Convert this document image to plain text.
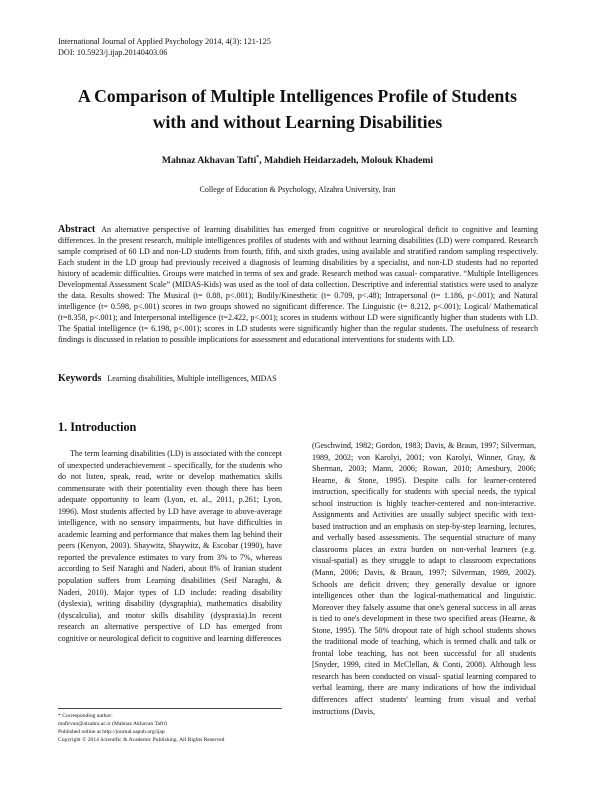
International Journal of Applied Psychology 2014, 4(3): 121-125
DOI: 10.5923/j.ijap.20140403.06
A Comparison of Multiple Intelligences Profile of Students
with and without Learning Disabilities
Mahnaz Akhavan Tafti*, Mahdieh Heidarzadeh, Molouk Khademi
College of Education & Psychology, Alzahra University, Iran
Abstract An alternative perspective of learning disabilities has emerged from cognitive or neurological deficit to cognitive and learning differences. In the present research, multiple intelligences profiles of students with and without learning disabilities (LD) were compared. Research sample comprised of 60 LD and non-LD students from fourth, fifth, and sixth grades, using available and stratified random sampling respectively. Each student in the LD group had previously received a diagnosis of learning disabilities by a specialist, and non-LD students had no reported history of academic difficulties. Groups were matched in terms of sex and grade. Research method was casual- comparative. “Multiple Intelligences Developmental Assessment Scale” (MIDAS-Kids) was used as the tool of data collection. Descriptive and inferential statistics were used to analyze the data. Results showed: The Musical (t= 0.88, p<.001); Bodily/Kinesthetic (t= 0.709, p<.48); Intrapersonal (t= 1.186, p<.001); and Natural intelligence (t= 0.598, p<.001) scores in two groups showed no significant difference. The Linguistic (t= 8.212, p<.001); Logical/ Mathematical (t=8.358, p<.001); and Interpersonal intelligence (t=2.422, p<.001); scores in students without LD were significantly higher than students with LD. The Spatial intelligence (t= 6.198, p<.001); scores in LD students were significantly higher than the regular students. The usefulness of research findings is discussed in relation to possible implications for assessment and educational interventions for students with LD.
Keywords Learning disabilities, Multiple intelligences, MIDAS
1. Introduction

The term learning disabilities (LD) is associated with the concept of unexpected underachievement – specifically, for the students who do not listen, speak, read, write or develop mathematics skills commensurate with their potentiality even though there has been adequate opportunity to learn (Lyon, et. al., 2011, p.261; Lyon, 1996). Most students affected by LD have average to above-average intelligence, with no sensory impairments, but have difficulties in academic learning and performance that makes them lag behind their peers (Kenyon, 2003). Shaywitz, Shaywitz, & Escobar (1990), have reported the prevalence estimates to vary from 3% to 7%, whereas according to Seif Naraghi and Naderi, about 8% of Iranian student population suffers from Learning disabilities (Seif Naraghi, & Naderi, 2010). Major types of LD include: reading disability (dyslexia), writing disability (dysgraphia), mathematics disability (dyscalculia), and motor skills disability (dyspraxia).In recent research an alternative perspective of LD has emerged from cognitive or neurological deficit to cognitive and learning differences

(Geschwind, 1982; Gordon, 1983; Davis, & Braun, 1997; Silverman, 1989, 2002; von Karolyi, 2001; von Karolyi, Winner, Gray, & Sherman, 2003; Mann, 2006; Rowan, 2010; Amesbury, 2006; Hearne, & Stone, 1995). Despite calls for learner-centered instruction, specifically for students with special needs, the typical school instruction is highly teacher-centered and non-interactive. Assignments and Activities are usually subject specific with text-based instruction and an emphasis on step-by-step learning, lectures, and verbally based assessments. The sequential structure of many classrooms places an extra burden on non-verbal learners (e.g. visual-spatial) as they struggle to adapt to classroom expectations (Mann, 2006; Davis, & Braun, 1997; Silverman, 1989, 2002). Schools are deficit driven; they generally devalue or ignore intelligences other than the logical-mathematical and linguistic. Moreover they falsely assume that one's general success in all areas is tied to one's development in these two specified areas (Hearne, & Stone, 1995). The 50% dropout rate of high school students shows the traditional mode of teaching, which is termed chalk and talk or frontal lobe teaching, has not been successful for all students [Snyder, 1999, cited in McClellan, & Conti, 2008). Although less research has been conducted on visual- spatial learning compared to verbal learning, there are many indications of how the individual differences affect students' learning from visual and verbal instructions (Davis,

* Corresponding author:
mafirvan@alzahra.ac.ir (Mahnaz Akhavan Tafti)
Published online at http://journal.sapub.org/ijap
Copyright © 2014 Scientific & Academic Publishing. All Rights Reserved
